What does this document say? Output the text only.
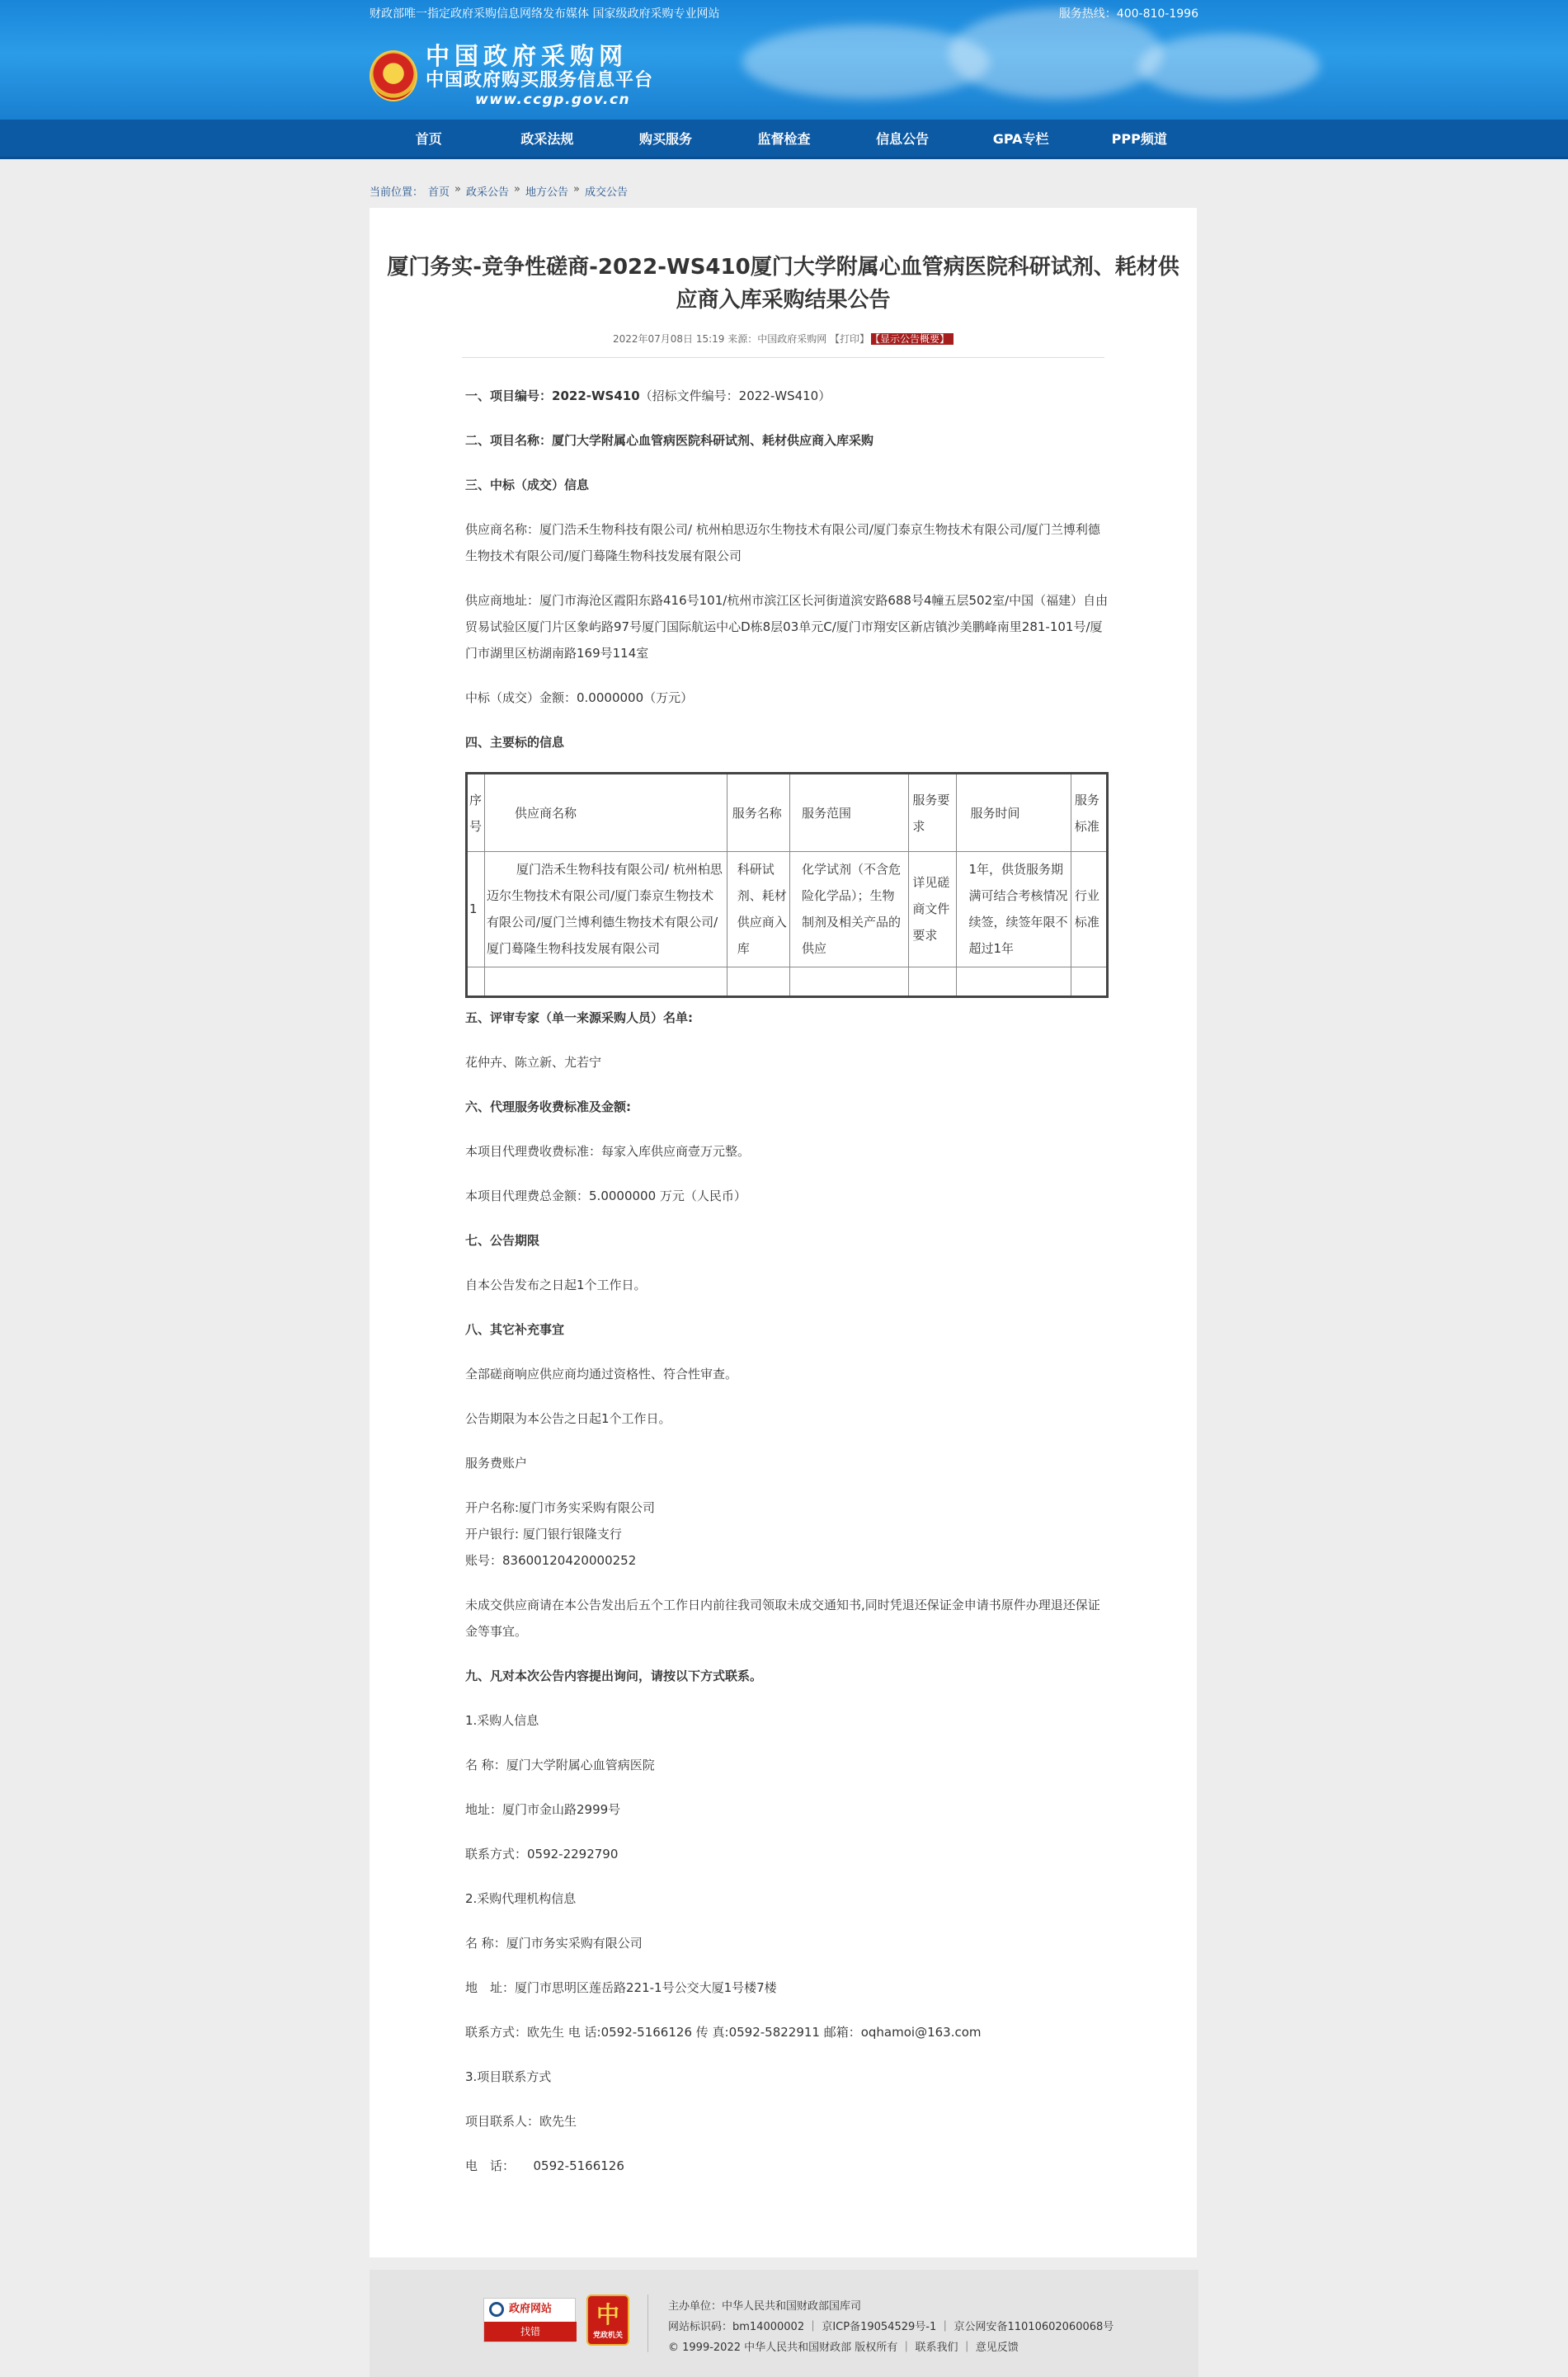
财政部唯一指定政府采购信息网络发布媒体 国家级政府采购专业网站	服务热线：400-810-1996
中国政府采购网
中国政府购买服务信息平台
www.ccgp.gov.cn
首页	政采法规	购买服务	监督检查	信息公告	GPA专栏	PPP频道
当前位置： 首页 » 政采公告 » 地方公告 » 成交公告
厦门务实-竞争性磋商-2022-WS410厦门大学附属心血管病医院科研试剂、耗材供
应商入库采购结果公告
2022年07月08日 15:19 来源：中国政府采购网 【打印】 【显示公告概要】
一、项目编号：2022-WS410（招标文件编号：2022-WS410）
二、项目名称：厦门大学附属心血管病医院科研试剂、耗材供应商入库采购
三、中标（成交）信息
供应商名称：厦门浩禾生物科技有限公司/ 杭州柏思迈尔生物技术有限公司/厦门泰京生物技术有限公司/厦门兰博利德生物技术有限公司/厦门蓦隆生物科技发展有限公司
供应商地址：厦门市海沧区霞阳东路416号101/杭州市滨江区长河街道滨安路688号4幢五层502室/中国（福建）自由贸易试验区厦门片区象屿路97号厦门国际航运中心D栋8层03单元C/厦门市翔安区新店镇沙美鹏峰南里281-101号/厦门市湖里区枋湖南路169号114室
中标（成交）金额：0.0000000（万元）
四、主要标的信息
序号	供应商名称	服务名称	服务范围	服务要求	服务时间	服务标准
1	厦门浩禾生物科技有限公司/ 杭州柏思迈尔生物技术有限公司/厦门泰京生物技术有限公司/厦门兰博利德生物技术有限公司/厦门蓦隆生物科技发展有限公司	科研试剂、耗材供应商入库	化学试剂（不含危险化学品）；生物制剂及相关产品的供应	详见磋商文件要求	1年，供货服务期满可结合考核情况续签，续签年限不超过1年	行业标准

五、评审专家（单一来源采购人员）名单:
花仲卉、陈立新、尤若宁
六、代理服务收费标准及金额:
本项目代理费收费标准：每家入库供应商壹万元整。
本项目代理费总金额：5.0000000 万元（人民币）
七、公告期限
自本公告发布之日起1个工作日。
八、其它补充事宜
全部磋商响应供应商均通过资格性、符合性审查。
公告期限为本公告之日起1个工作日。
服务费账户
开户名称:厦门市务实采购有限公司
开户银行: 厦门银行银隆支行
账号：83600120420000252
未成交供应商请在本公告发出后五个工作日内前往我司领取未成交通知书,同时凭退还保证金申请书原件办理退还保证金等事宜。
九、凡对本次公告内容提出询问，请按以下方式联系。
1.采购人信息
名 称：厦门大学附属心血管病医院
地址：厦门市金山路2999号
联系方式：0592-2292790
2.采购代理机构信息
名 称：厦门市务实采购有限公司
地　址：厦门市思明区莲岳路221-1号公交大厦1号楼7楼
联系方式：欧先生 电 话:0592-5166126 传 真:0592-5822911 邮箱：oqhamoi@163.com
3.项目联系方式
项目联系人：欧先生
电　话：　　0592-5166126
政府网站
找错
中
党政机关
主办单位：中华人民共和国财政部国库司
网站标识码：bm14000002 ｜ 京ICP备19054529号-1 ｜ 京公网安备11010602060068号
© 1999-2022 中华人民共和国财政部 版权所有 ｜ 联系我们 ｜ 意见反馈
